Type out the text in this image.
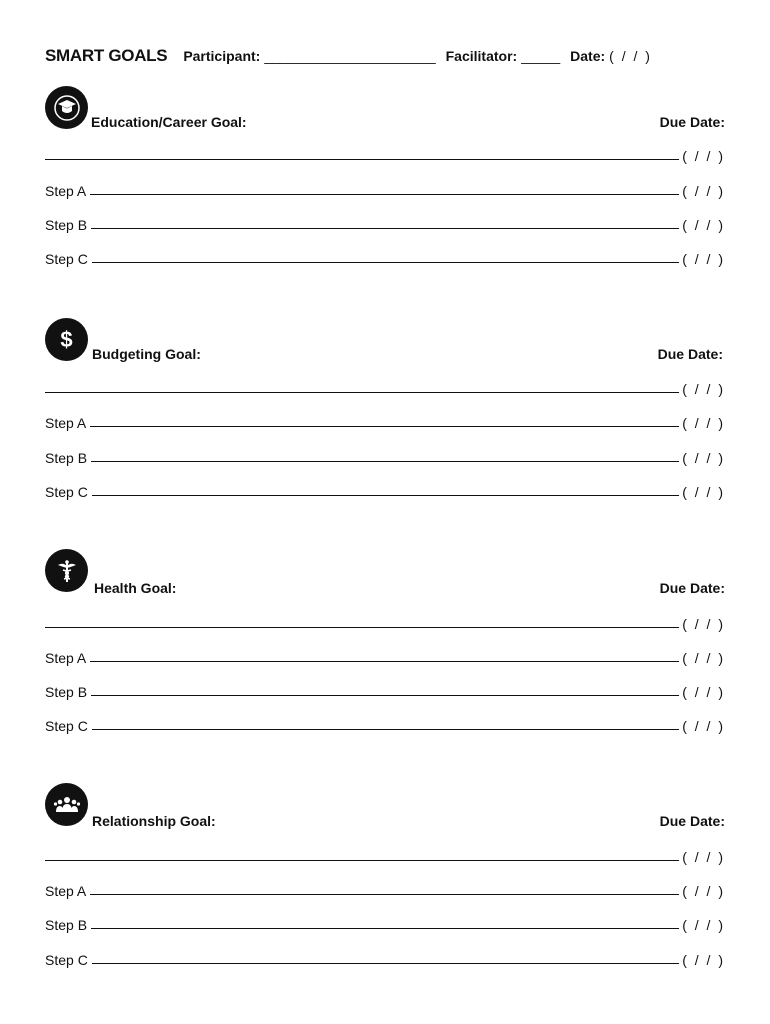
SMART GOALS Participant: ______________________ Facilitator: _____ Date: ( / / )
Education/Career Goal:	Due Date:
( / / )
Step A	( / / )
Step B	( / / )
Step C	( / / )
$
Budgeting Goal:	Due Date:
( / / )
Step A	( / / )
Step B	( / / )
Step C	( / / )
Health Goal:	Due Date:
( / / )
Step A	( / / )
Step B	( / / )
Step C	( / / )
Relationship Goal:	Due Date:
( / / )
Step A	( / / )
Step B	( / / )
Step C	( / / )
